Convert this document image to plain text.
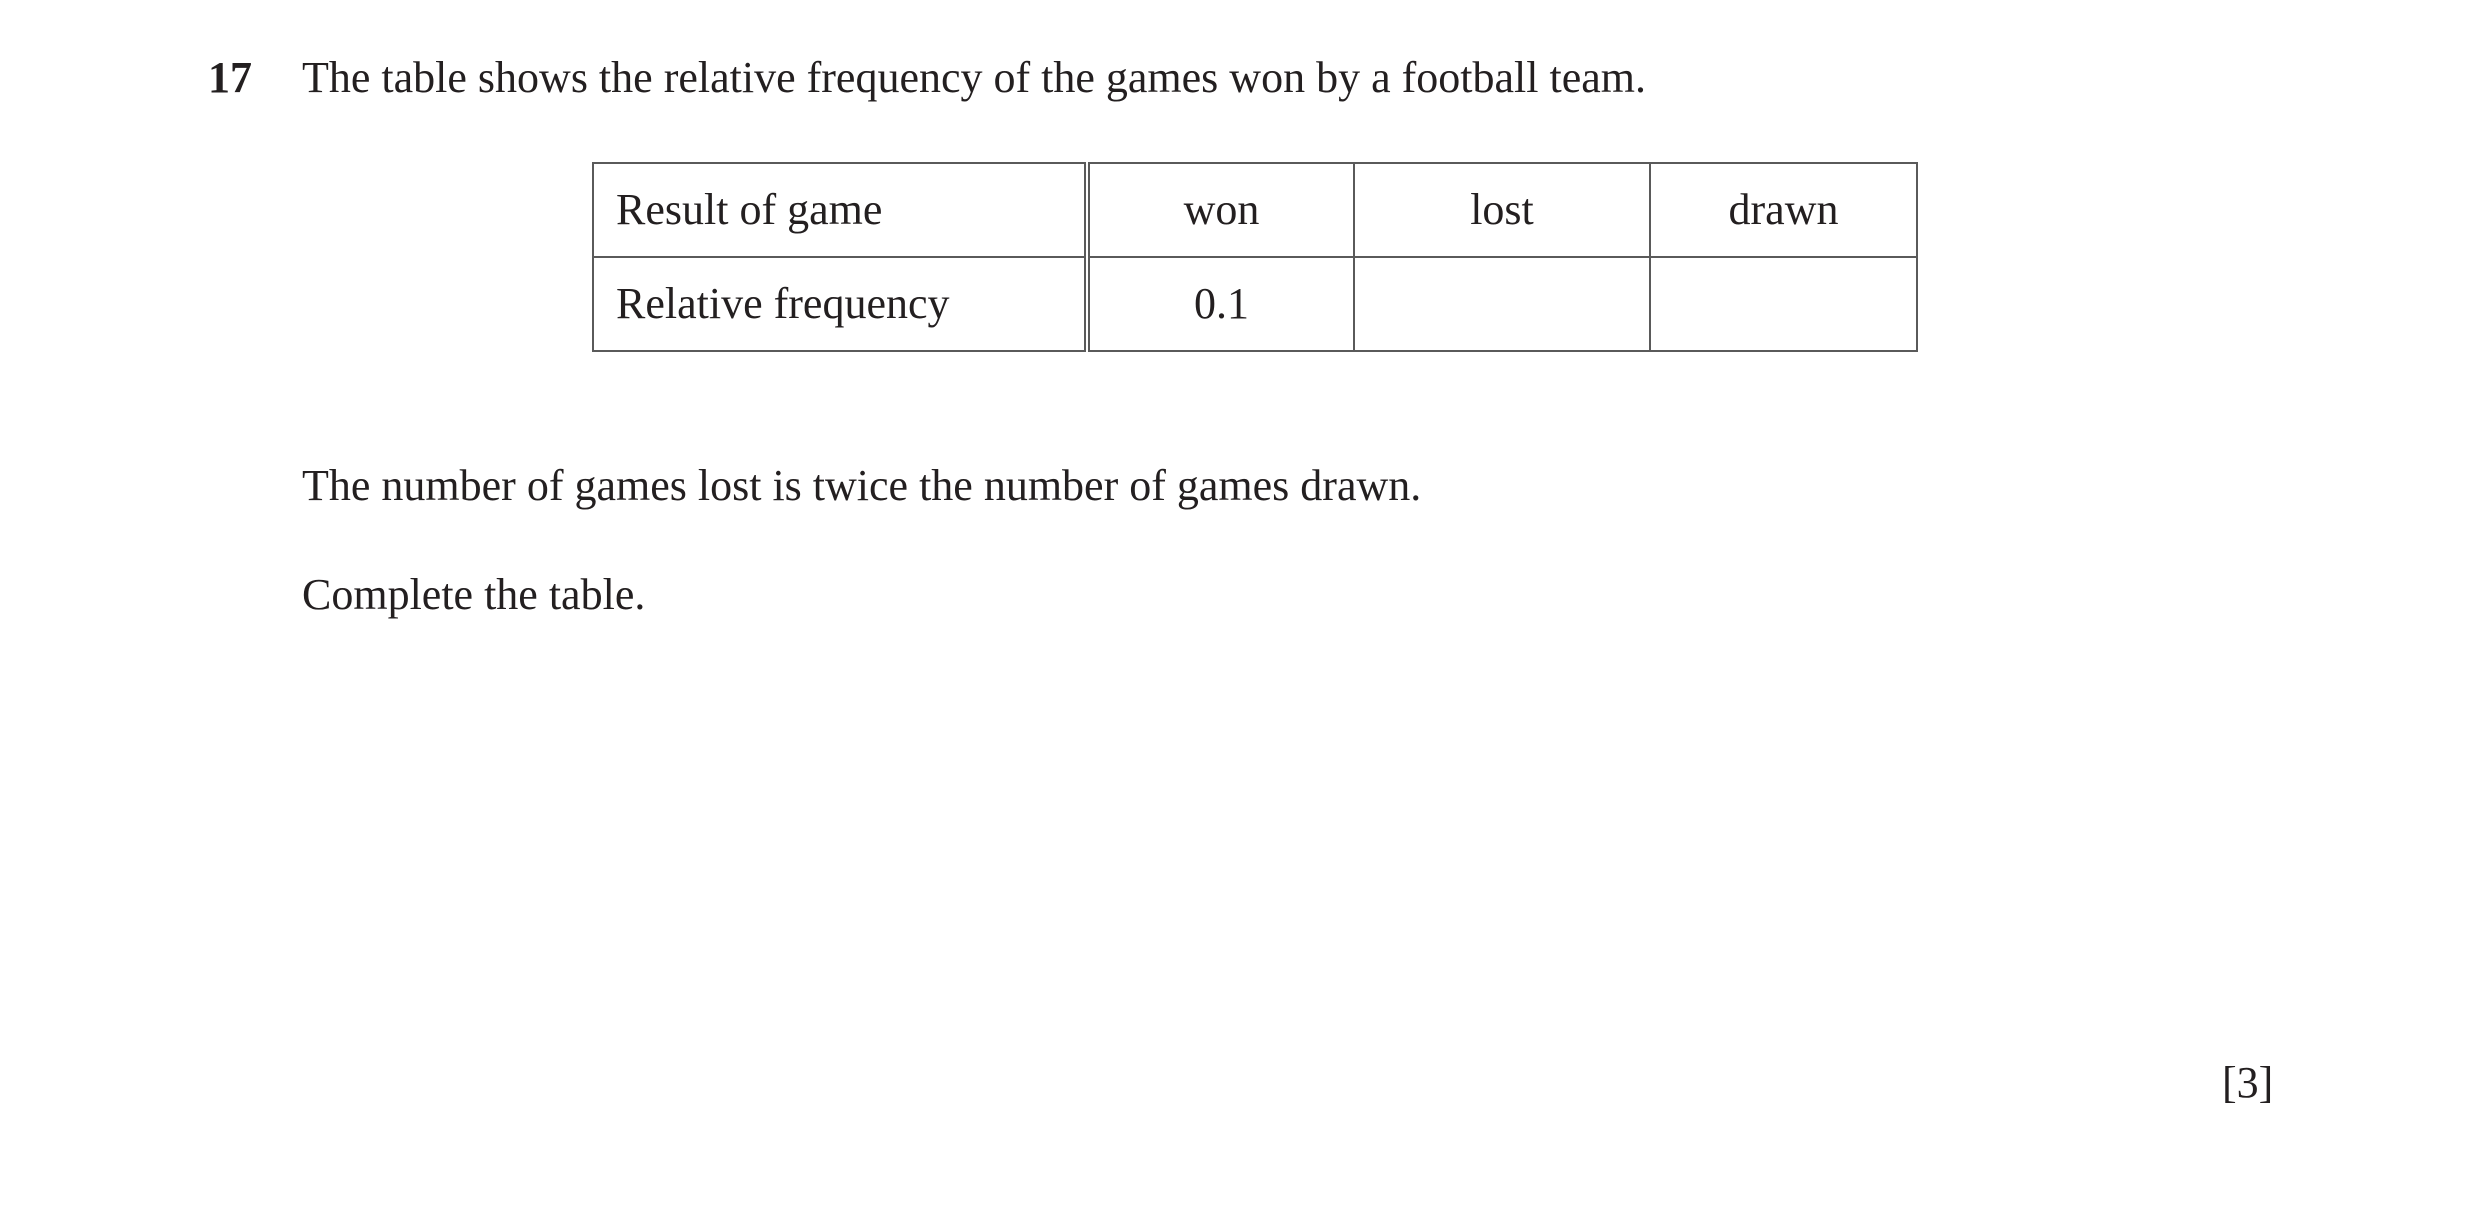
17 The table shows the relative frequency of the games won by a football team.
Result of game	won	lost	drawn
Relative frequency	0.1		
The number of games lost is twice the number of games drawn.
Complete the table.
[3]
